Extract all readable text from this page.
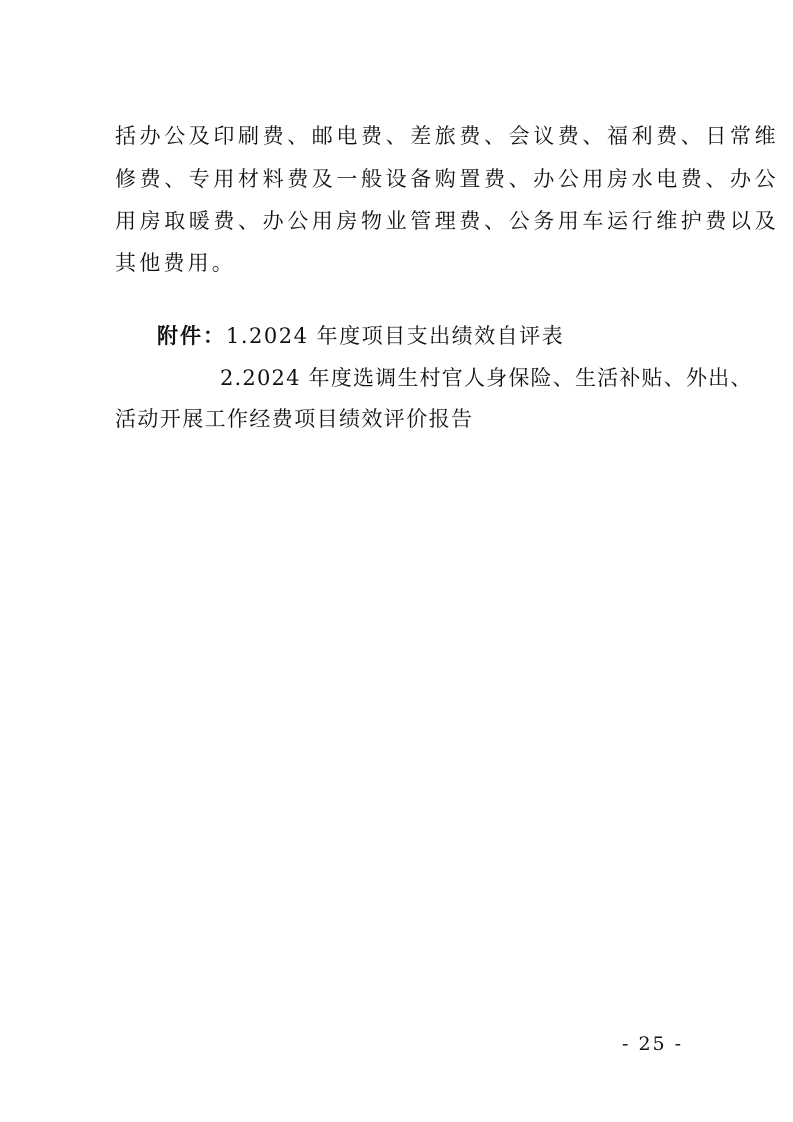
括办公及印刷费、邮电费、差旅费、会议费、福利费、日常维
修费、专用材料费及一般设备购置费、办公用房水电费、办公
用房取暖费、办公用房物业管理费、公务用车运行维护费以及
其他费用。
附件：1.2024 年度项目支出绩效自评表
2.2024 年度选调生村官人身保险、生活补贴、外出、
活动开展工作经费项目绩效评价报告
- 25 -
